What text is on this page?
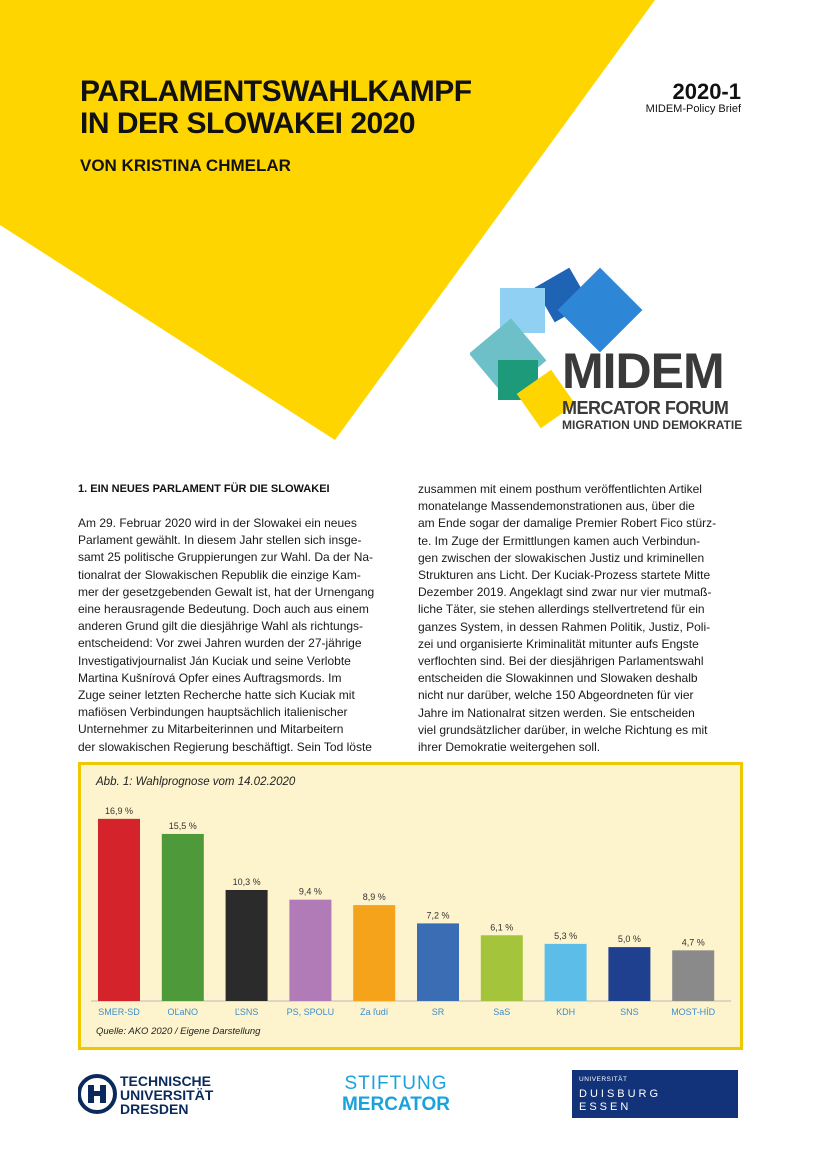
PARLAMENTSWAHLKAMPF
IN DER SLOWAKEI 2020
VON KRISTINA CHMELAR
2020-1
MIDEM-Policy Brief
MIDEM
MERCATOR FORUM
MIGRATION UND DEMOKRATIE
1. EIN NEUES PARLAMENT FÜR DIE SLOWAKEI
Am 29. Februar 2020 wird in der Slowakei ein neues
Parlament gewählt. In diesem Jahr stellen sich insge-
samt 25 politische Gruppierungen zur Wahl. Da der Na-
tionalrat der Slowakischen Republik die einzige Kam-
mer der gesetzgebenden Gewalt ist, hat der Urnengang
eine herausragende Bedeutung. Doch auch aus einem
anderen Grund gilt die diesjährige Wahl als richtungs-
entscheidend: Vor zwei Jahren wurden der 27-jährige
Investigativjournalist Ján Kuciak und seine Verlobte
Martina Kušnírová Opfer eines Auftragsmords. Im
Zuge seiner letzten Recherche hatte sich Kuciak mit
mafiösen Verbindungen hauptsächlich italienischer
Unternehmer zu Mitarbeiterinnen und Mitarbeitern
der slowakischen Regierung beschäftigt. Sein Tod löste
zusammen mit einem posthum veröffentlichten Artikel
monatelange Massendemonstrationen aus, über die
am Ende sogar der damalige Premier Robert Fico stürz-
te. Im Zuge der Ermittlungen kamen auch Verbindun-
gen zwischen der slowakischen Justiz und kriminellen
Strukturen ans Licht. Der Kuciak-Prozess startete Mitte
Dezember 2019. Angeklagt sind zwar nur vier mutmaß-
liche Täter, sie stehen allerdings stellvertretend für ein
ganzes System, in dessen Rahmen Politik, Justiz, Poli-
zei und organisierte Kriminalität mitunter aufs Engste
verflochten sind. Bei der diesjährigen Parlamentswahl
entscheiden die Slowakinnen und Slowaken deshalb
nicht nur darüber, welche 150 Abgeordneten für vier
Jahre im Nationalrat sitzen werden. Sie entscheiden
viel grundsätzlicher darüber, in welche Richtung es mit
ihrer Demokratie weitergehen soll.
Abb. 1: Wahlprognose vom 14.02.2020
16,9 %
SMER-SD
15,5 %
OĽaNO
10,3 %
ĽSNS
9,4 %
PS, SPOLU
8,9 %
Za ľudí
7,2 %
SR
6,1 %
SaS
5,3 %
KDH
5,0 %
SNS
4,7 %
MOST-HÍD
Quelle: AKO 2020 / Eigene Darstellung
TECHNISCHE
UNIVERSITÄT
DRESDEN
STIFTUNG
MERCATOR
UNIVERSITÄT
DUISBURG
ESSEN
